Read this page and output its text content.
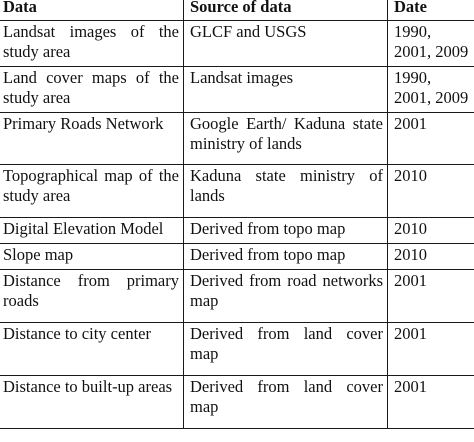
Data	Source of data	Date
Landsat images of the study area	GLCF and USGS	1990,
2001, 2009
Land cover maps of the study area	Landsat images	1990,
2001, 2009
Primary Roads Network	Google Earth/ Kaduna state ministry of lands	2001
Topographical map of the study area	Kaduna state ministry of lands	2010
Digital Elevation Model	Derived from topo map	2010
Slope map	Derived from topo map	2010
Distance from primary roads	Derived from road networks map	2001
Distance to city center	Derived from land cover map	2001
Distance to built-up areas	Derived from land cover map	2001
